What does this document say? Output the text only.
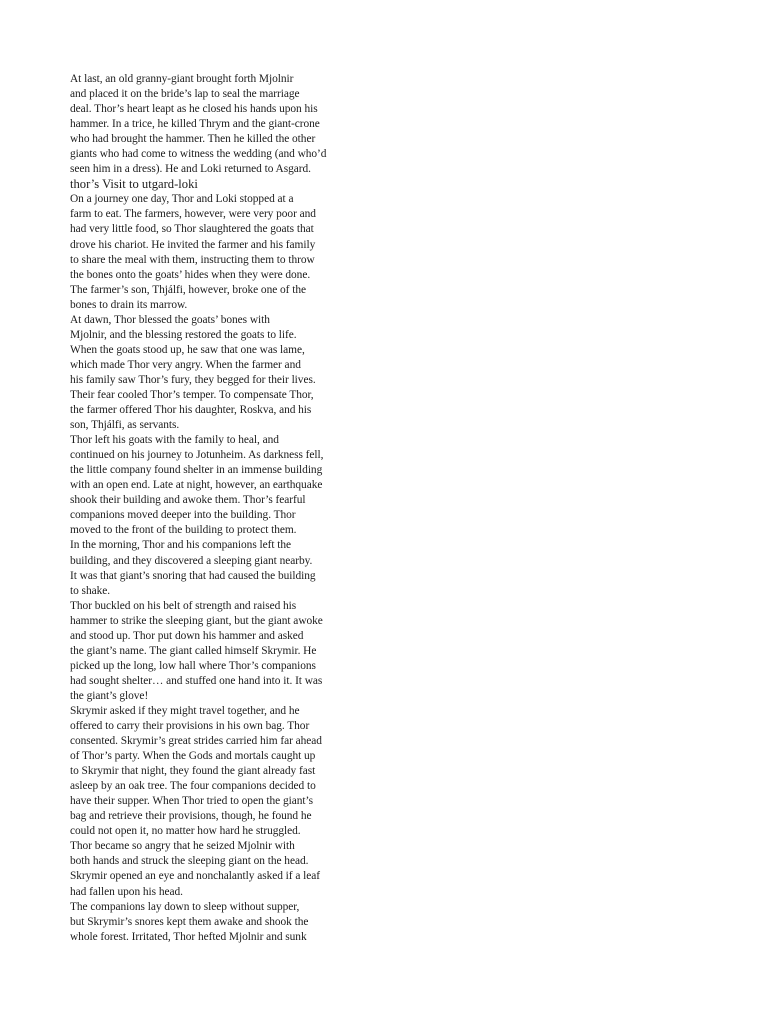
At last, an old granny-giant brought forth Mjolnir
and placed it on the bride’s lap to seal the marriage
deal. Thor’s heart leapt as he closed his hands upon his
hammer. In a trice, he killed Thrym and the giant-crone
who had brought the hammer. Then he killed the other
giants who had come to witness the wedding (and who’d
seen him in a dress). He and Loki returned to Asgard.
thor’s Visit to utgard-loki
On a journey one day, Thor and Loki stopped at a
farm to eat. The farmers, however, were very poor and
had very little food, so Thor slaughtered the goats that
drove his chariot. He invited the farmer and his family
to share the meal with them, instructing them to throw
the bones onto the goats’ hides when they were done.
The farmer’s son, Thjálfi, however, broke one of the
bones to drain its marrow.
At dawn, Thor blessed the goats’ bones with
Mjolnir, and the blessing restored the goats to life.
When the goats stood up, he saw that one was lame,
which made Thor very angry. When the farmer and
his family saw Thor’s fury, they begged for their lives.
Their fear cooled Thor’s temper. To compensate Thor,
the farmer offered Thor his daughter, Roskva, and his
son, Thjálfi, as servants.
Thor left his goats with the family to heal, and
continued on his journey to Jotunheim. As darkness fell,
the little company found shelter in an immense building
with an open end. Late at night, however, an earthquake
shook their building and awoke them. Thor’s fearful
companions moved deeper into the building. Thor
moved to the front of the building to protect them.
In the morning, Thor and his companions left the
building, and they discovered a sleeping giant nearby.
It was that giant’s snoring that had caused the building
to shake.
Thor buckled on his belt of strength and raised his
hammer to strike the sleeping giant, but the giant awoke
and stood up. Thor put down his hammer and asked
the giant’s name. The giant called himself Skrymir. He
picked up the long, low hall where Thor’s companions
had sought shelter… and stuffed one hand into it. It was
the giant’s glove!
Skrymir asked if they might travel together, and he
offered to carry their provisions in his own bag. Thor
consented. Skrymir’s great strides carried him far ahead
of Thor’s party. When the Gods and mortals caught up
to Skrymir that night, they found the giant already fast
asleep by an oak tree. The four companions decided to
have their supper. When Thor tried to open the giant’s
bag and retrieve their provisions, though, he found he
could not open it, no matter how hard he struggled.
Thor became so angry that he seized Mjolnir with
both hands and struck the sleeping giant on the head.
Skrymir opened an eye and nonchalantly asked if a leaf
had fallen upon his head.
The companions lay down to sleep without supper,
but Skrymir’s snores kept them awake and shook the
whole forest. Irritated, Thor hefted Mjolnir and sunk
